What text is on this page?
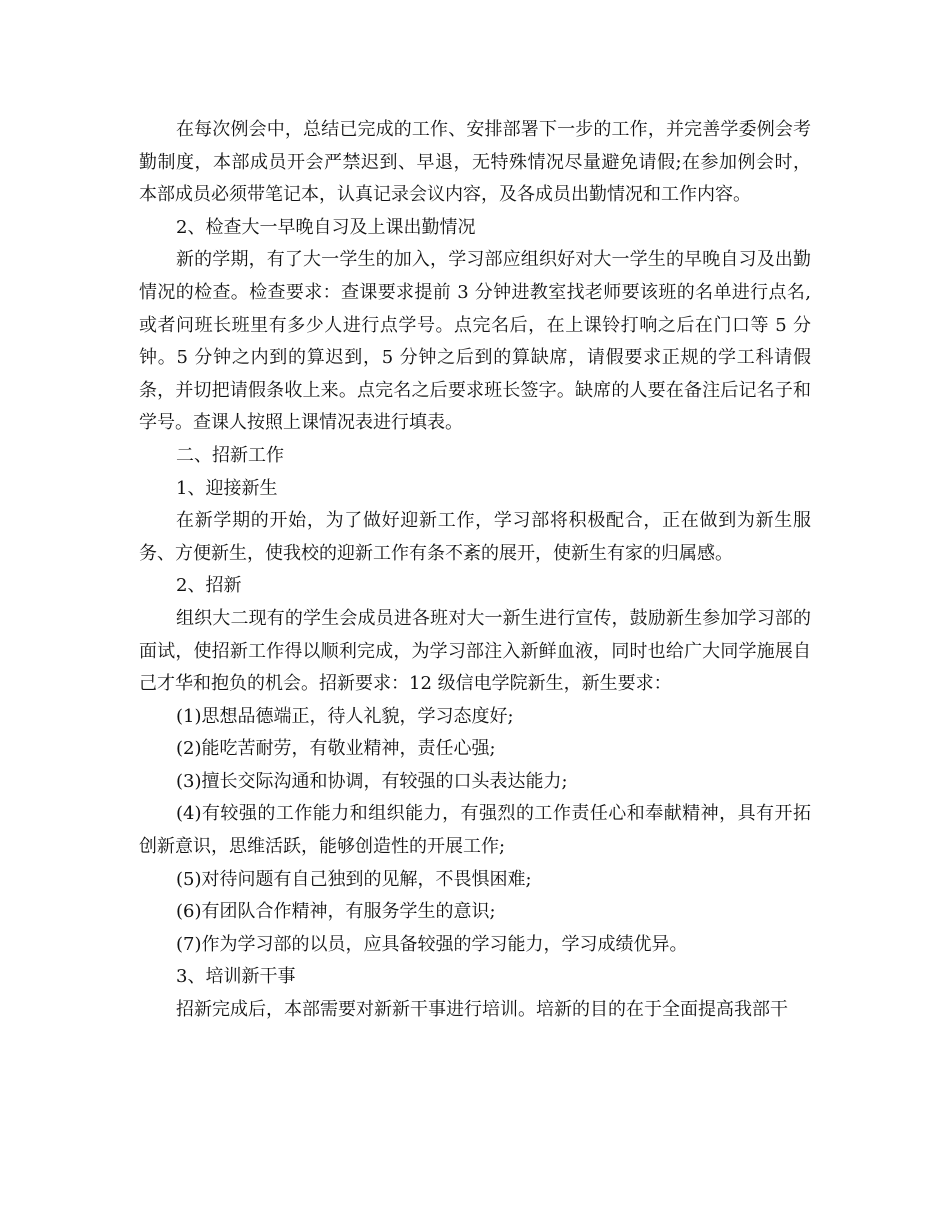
在每次例会中，总结已完成的工作、安排部署下一步的工作，并完善学委例会考勤制度，本部成员开会严禁迟到、早退，无特殊情况尽量避免请假;在参加例会时，本部成员必须带笔记本，认真记录会议内容，及各成员出勤情况和工作内容。

2、检查大一早晚自习及上课出勤情况

新的学期，有了大一学生的加入，学习部应组织好对大一学生的早晚自习及出勤情况的检查。检查要求：查课要求提前 3 分钟进教室找老师要该班的名单进行点名,或者问班长班里有多少人进行点学号。点完名后，在上课铃打响之后在门口等 5 分钟。5 分钟之内到的算迟到，5 分钟之后到的算缺席，请假要求正规的学工科请假条，并切把请假条收上来。点完名之后要求班长签字。缺席的人要在备注后记名子和学号。查课人按照上课情况表进行填表。

二、招新工作

1、迎接新生

在新学期的开始，为了做好迎新工作，学习部将积极配合，正在做到为新生服务、方便新生，使我校的迎新工作有条不紊的展开，使新生有家的归属感。

2、招新

组织大二现有的学生会成员进各班对大一新生进行宣传，鼓励新生参加学习部的面试，使招新工作得以顺利完成，为学习部注入新鲜血液，同时也给广大同学施展自己才华和抱负的机会。招新要求：12 级信电学院新生，新生要求：

(1)思想品德端正，待人礼貌，学习态度好;

(2)能吃苦耐劳，有敬业精神，责任心强;

(3)擅长交际沟通和协调，有较强的口头表达能力;

(4)有较强的工作能力和组织能力，有强烈的工作责任心和奉献精神，具有开拓创新意识，思维活跃，能够创造性的开展工作;

(5)对待问题有自己独到的见解，不畏惧困难;

(6)有团队合作精神，有服务学生的意识;

(7)作为学习部的以员，应具备较强的学习能力，学习成绩优异。

3、培训新干事

招新完成后，本部需要对新新干事进行培训。培新的目的在于全面提高我部干
